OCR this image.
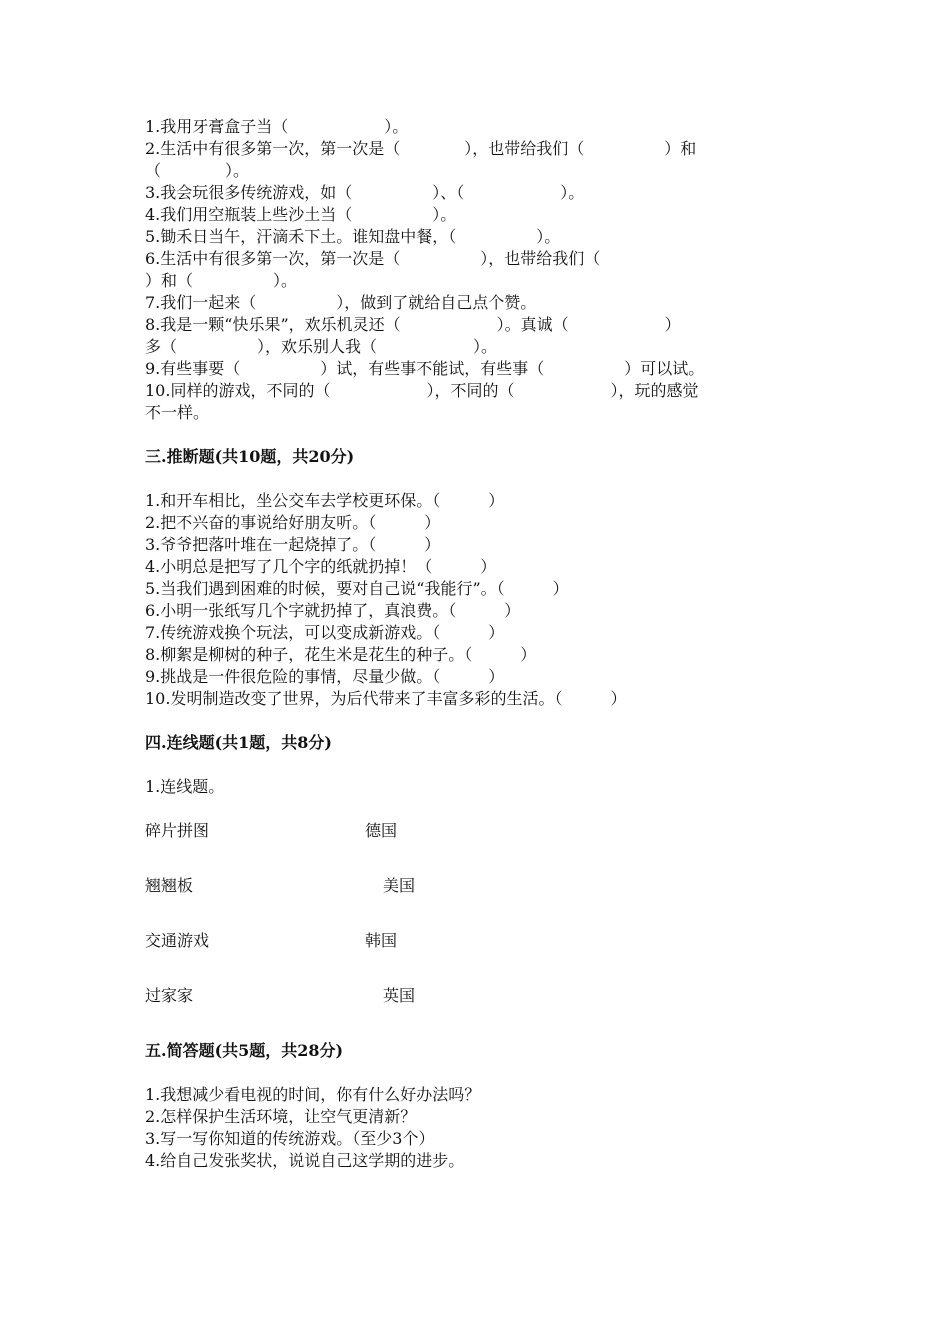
1.我用牙膏盒子当（　　　　　　）。
2.生活中有很多第一次，第一次是（　　　　），也带给我们（　　　　　）和
（　　　　）。
3.我会玩很多传统游戏，如（　　　　　）、（　　　　　　）。
4.我们用空瓶装上些沙土当（　　　　　）。
5.锄禾日当午，汗滴禾下土。谁知盘中餐，（　　　　　）。
6.生活中有很多第一次，第一次是（　　　　　），也带给我们（
）和（　　　　　）。
7.我们一起来（　　　　　），做到了就给自己点个赞。
8.我是一颗“快乐果”，欢乐机灵还（　　　　　　）。真诚（　　　　　　）
多（　　　　　），欢乐别人我（　　　　　　）。
9.有些事要（　　　　　）试，有些事不能试，有些事（　　　　　）可以试。
10.同样的游戏，不同的（　　　　　　），不同的（　　　　　　），玩的感觉
不一样。
三.推断题(共10题，共20分)
1.和开车相比，坐公交车去学校更环保。（　　　）
2.把不兴奋的事说给好朋友听。（　　　）
3.爷爷把落叶堆在一起烧掉了。（　　　）
4.小明总是把写了几个字的纸就扔掉！（　　　）
5.当我们遇到困难的时候，要对自己说“我能行”。（　　　）
6.小明一张纸写几个字就扔掉了，真浪费。（　　　）
7.传统游戏换个玩法，可以变成新游戏。（　　　）
8.柳絮是柳树的种子，花生米是花生的种子。（　　　）
9.挑战是一件很危险的事情，尽量少做。（　　　）
10.发明制造改变了世界，为后代带来了丰富多彩的生活。（　　　）
四.连线题(共1题，共8分)
1.连线题。
碎片拼图	德国
翘翘板	美国
交通游戏	韩国
过家家	英国
五.简答题(共5题，共28分)
1.我想减少看电视的时间，你有什么好办法吗？
2.怎样保护生活环境，让空气更清新？
3.写一写你知道的传统游戏。（至少3个）
4.给自己发张奖状，说说自己这学期的进步。
